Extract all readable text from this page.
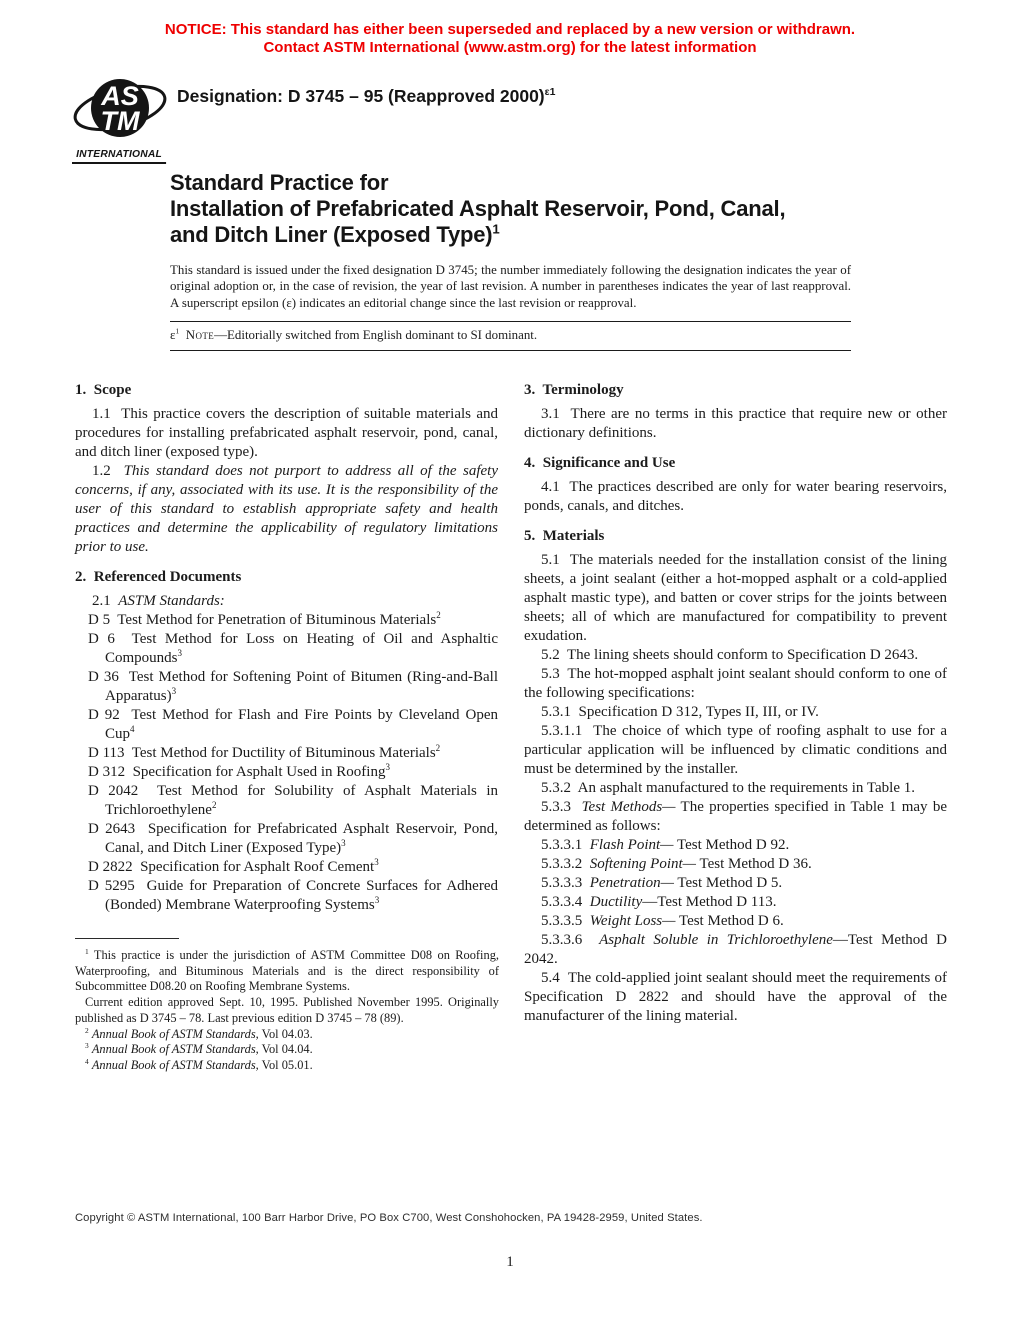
NOTICE: This standard has either been superseded and replaced by a new version or withdrawn.
Contact ASTM International (www.astm.org) for the latest information
AS
TM
INTERNATIONAL
Designation: D 3745 – 95 (Reapproved 2000)$^{\varepsilon 1}$
Standard Practice for
Installation of Prefabricated Asphalt Reservoir, Pond, Canal,
and Ditch Liner (Exposed Type)$^1$
This standard is issued under the fixed designation D 3745; the number immediately following the designation indicates the year of original adoption or, in the case of revision, the year of last revision. A number in parentheses indicates the year of last reapproval. A superscript epsilon (ε) indicates an editorial change since the last revision or reapproval.
$\varepsilon^1$ Note—Editorially switched from English dominant to SI dominant.
1.  Scope

1.1  This practice covers the description of suitable materials and procedures for installing prefabricated asphalt reservoir, pond, canal, and ditch liner (exposed type).

1.2  This standard does not purport to address all of the safety concerns, if any, associated with its use. It is the responsibility of the user of this standard to establish appropriate safety and health practices and determine the applicability of regulatory limitations prior to use.

2.  Referenced Documents

2.1  ASTM Standards:

D 5  Test Method for Penetration of Bituminous Materials$^2$

D 6  Test Method for Loss on Heating of Oil and Asphaltic Compounds$^3$

D 36  Test Method for Softening Point of Bitumen (Ring-and-Ball Apparatus)$^3$

D 92  Test Method for Flash and Fire Points by Cleveland Open Cup$^4$

D 113  Test Method for Ductility of Bituminous Materials$^2$

D 312  Specification for Asphalt Used in Roofing$^3$

D 2042  Test Method for Solubility of Asphalt Materials in Trichloroethylene$^2$

D 2643  Specification for Prefabricated Asphalt Reservoir, Pond, Canal, and Ditch Liner (Exposed Type)$^3$

D 2822  Specification for Asphalt Roof Cement$^3$

D 5295  Guide for Preparation of Concrete Surfaces for Adhered (Bonded) Membrane Waterproofing Systems$^3$

3.  Terminology

3.1  There are no terms in this practice that require new or other dictionary definitions.

4.  Significance and Use

4.1  The practices described are only for water bearing reservoirs, ponds, canals, and ditches.

5.  Materials

5.1  The materials needed for the installation consist of the lining sheets, a joint sealant (either a hot-mopped asphalt or a cold-applied asphalt mastic type), and batten or cover strips for the joints between sheets; all of which are manufactured for compatibility to prevent exudation.

5.2  The lining sheets should conform to Specification D 2643.

5.3  The hot-mopped asphalt joint sealant should conform to one of the following specifications:

5.3.1  Specification D 312, Types II, III, or IV.

5.3.1.1  The choice of which type of roofing asphalt to use for a particular application will be influenced by climatic conditions and must be determined by the installer.

5.3.2  An asphalt manufactured to the requirements in Table 1.

5.3.3  Test Methods— The properties specified in Table 1 may be determined as follows:

5.3.3.1  Flash Point— Test Method D 92.

5.3.3.2  Softening Point— Test Method D 36.

5.3.3.3  Penetration— Test Method D 5.

5.3.3.4  Ductility—Test Method D 113.

5.3.3.5  Weight Loss— Test Method D 6.

5.3.3.6  Asphalt Soluble in Trichloroethylene—Test Method D 2042.

5.4  The cold-applied joint sealant should meet the requirements of Specification D 2822 and should have the approval of the manufacturer of the lining material.

$^1$ This practice is under the jurisdiction of ASTM Committee D08 on Roofing, Waterproofing, and Bituminous Materials and is the direct responsibility of Subcommittee D08.20 on Roofing Membrane Systems.

Current edition approved Sept. 10, 1995. Published November 1995. Originally published as D 3745 – 78. Last previous edition D 3745 – 78 (89).

$^2$ Annual Book of ASTM Standards, Vol 04.03.

$^3$ Annual Book of ASTM Standards, Vol 04.04.

$^4$ Annual Book of ASTM Standards, Vol 05.01.

Copyright © ASTM International, 100 Barr Harbor Drive, PO Box C700, West Conshohocken, PA 19428-2959, United States.
1
